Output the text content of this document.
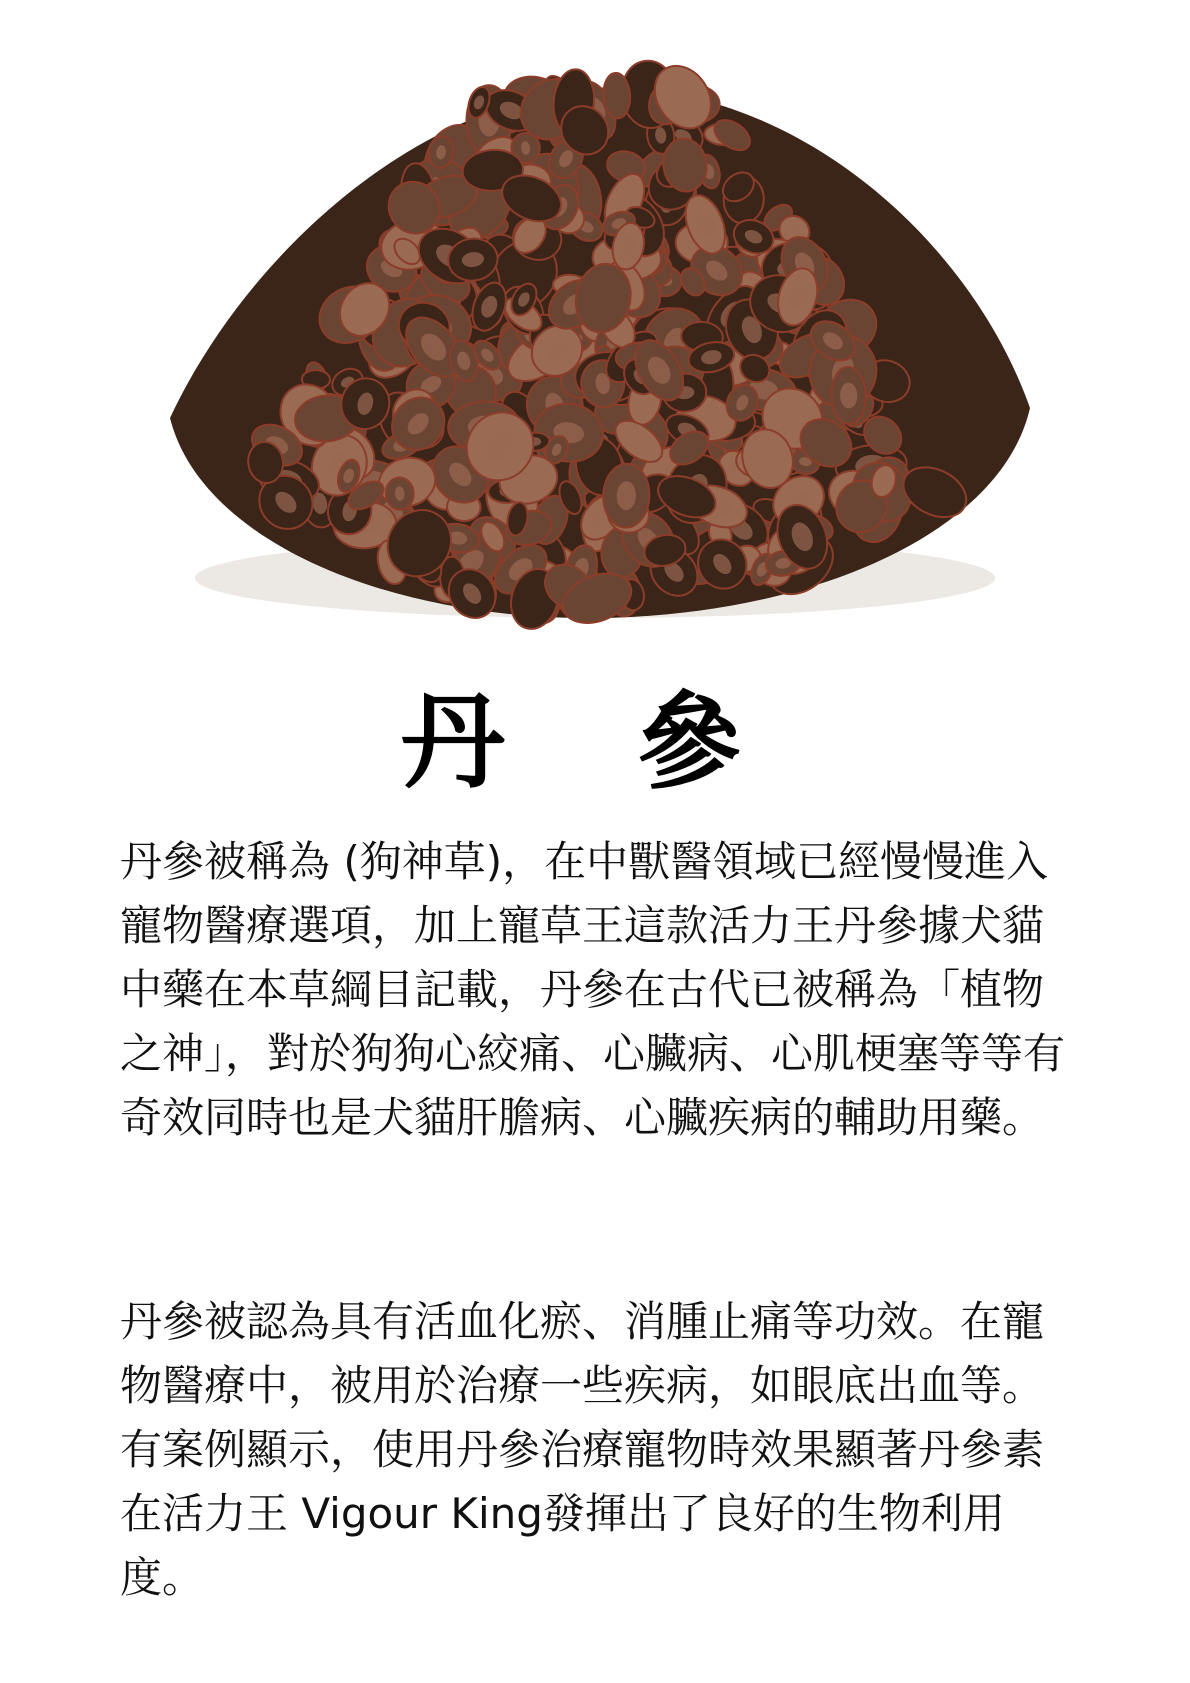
丹 參
丹參被稱為 (狗神草)，在中獸醫領域已經慢慢進入寵物醫療選項，加上寵草王這款活力王丹參據犬貓中藥在本草綱目記載，丹參在古代已被稱為「植物之神」，對於狗狗心絞痛、心臟病、心肌梗塞等等有奇效同時也是犬貓肝膽病、心臟疾病的輔助用藥。
丹參被認為具有活血化瘀、消腫止痛等功效。在寵物醫療中，被用於治療一些疾病，如眼底出血等。有案例顯示，使用丹參治療寵物時效果顯著丹參素在活力王 Vigour King發揮出了良好的生物利用度。
